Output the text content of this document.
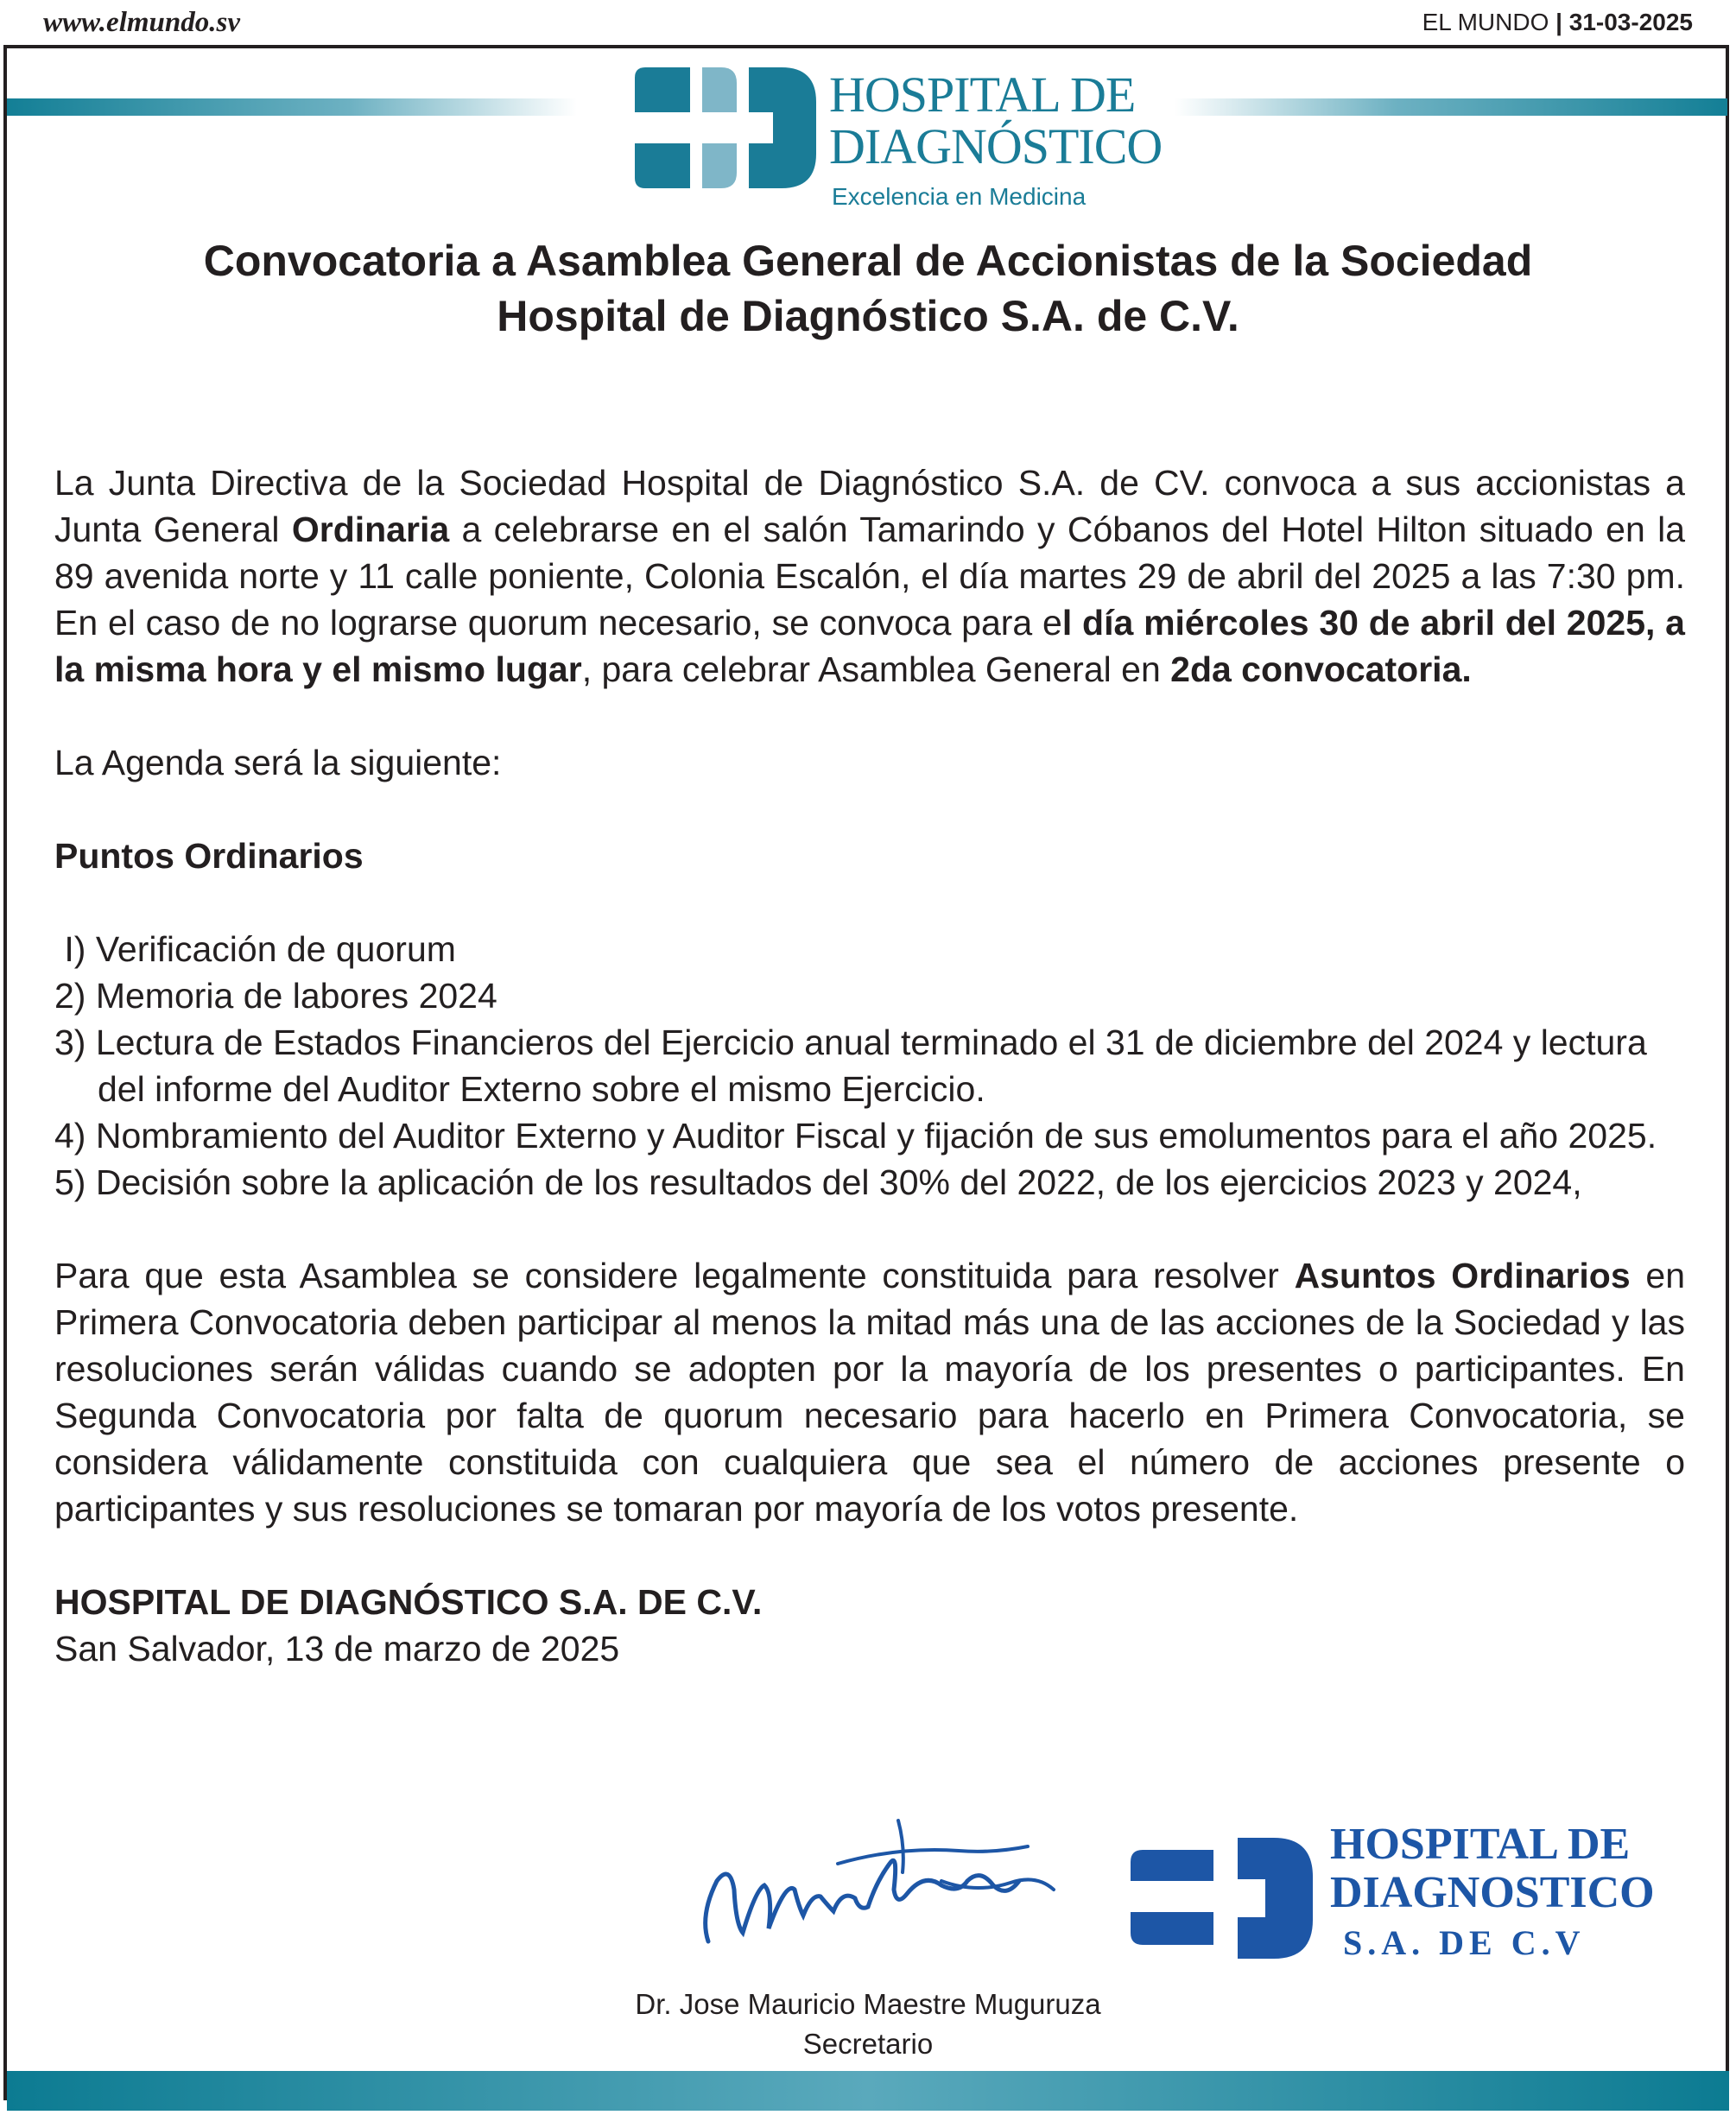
www.elmundo.sv	EL MUNDO | 31-03-2025
HOSPITAL DE
DIAGNÓSTICO
Excelencia en Medicina
Convocatoria a Asamblea General de Accionistas de la Sociedad
Hospital de Diagnóstico S.A. de C.V.

La Junta Directiva de la Sociedad Hospital de Diagnóstico S.A. de CV. convoca a sus accionistas a Junta General Ordinaria a celebrarse en el salón Tamarindo y Cóbanos del Hotel Hilton situado en la 89 avenida norte y 11 calle poniente, Colonia Escalón, el día martes 29 de abril del 2025 a las 7:30 pm. En el caso de no lograrse quorum necesario, se convoca para el día miércoles 30 de abril del 2025, a la misma hora y el mismo lugar, para celebrar Asamblea General en 2da convocatoria.

La Agenda será la siguiente:

Puntos Ordinarios

I) Verificación de quorum

2) Memoria de labores 2024

3) Lectura de Estados Financieros del Ejercicio anual terminado el 31 de diciembre del 2024 y lectura del informe del Auditor Externo sobre el mismo Ejercicio.

4) Nombramiento del Auditor Externo y Auditor Fiscal y fijación de sus emolumentos para el año 2025.

5) Decisión sobre la aplicación de los resultados del 30% del 2022, de los ejercicios 2023 y 2024,

Para que esta Asamblea se considere legalmente constituida para resolver Asuntos Ordinarios en Primera Convocatoria deben participar al menos la mitad más una de las acciones de la Sociedad y las resoluciones serán válidas cuando se adopten por la mayoría de los presentes o participantes. En Segunda Convocatoria por falta de quorum necesario para hacerlo en Primera Convocatoria, se considera válidamente constituida con cualquiera que sea el número de acciones presente o participantes y sus resoluciones se tomaran por mayoría de los votos presente.

HOSPITAL DE DIAGNÓSTICO S.A. DE C.V.

San Salvador, 13 de marzo de 2025

HOSPITAL DE
DIAGNOSTICO
S.A. DE C.V
Dr. Jose Mauricio Maestre Muguruza
Secretario
